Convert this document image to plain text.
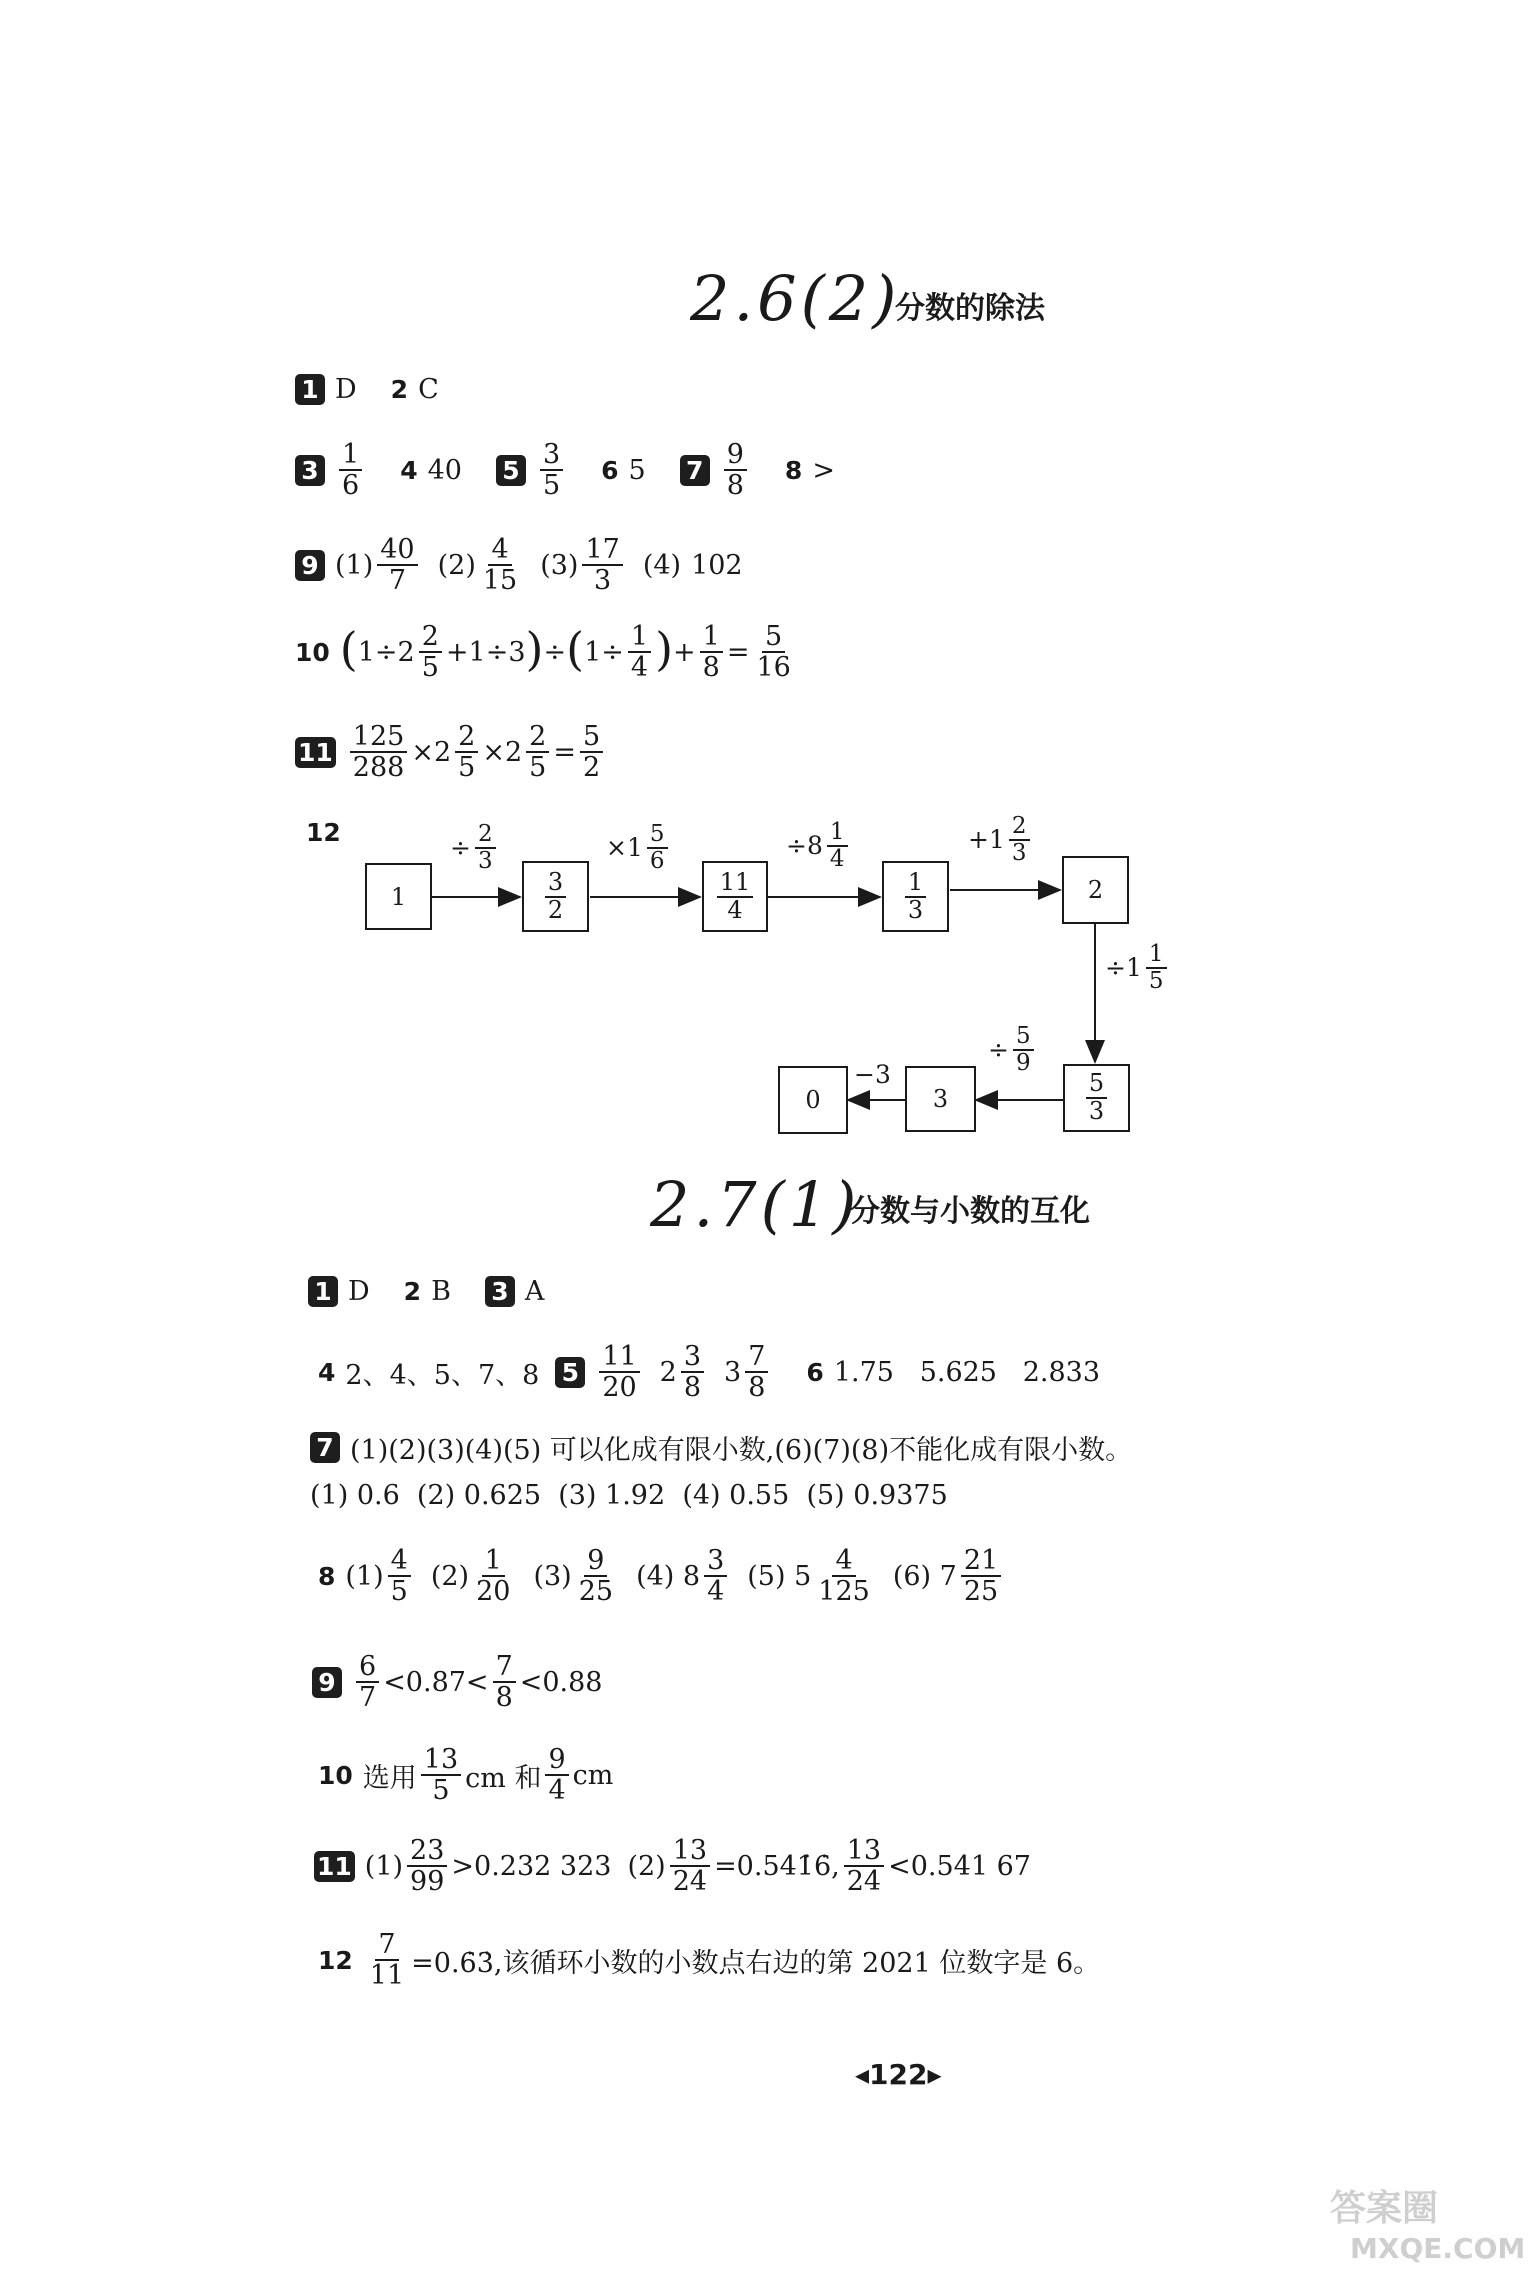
2.6(2)
分数的除法
1 D 2 C
$3 \frac{1}{6} 4$ 40 $5 \frac{3}{5} 6$ 5 $7 \frac{9}{8} 8$ >
9 $(1) \frac{40}{7} (2) \frac{4}{15} (3) \frac{17}{3} (4)$ 102
10 ( $1\div 2 \frac{2}{5} +1\div 3$ ) ÷ ( $1\div \frac{1}{4}$ ) + $\frac{1}{8} = \frac{5}{16}$
$11 \frac{125}{288} \times 2 \frac{2}{5} \times 2 \frac{2}{5} = \frac{5}{2}$
12
1	$\frac{3}{2}$	$\frac{11}{4}$	$\frac{1}{3}$	2
$\frac{5}{3}$
3
0
÷ $\frac{2}{3}$	$\times 1 \frac{5}{6}$	$\div 8 \frac{1}{4}$	$+1 \frac{2}{3}$
$\div 1 \frac{1}{5}$
÷ $\frac{5}{9}$
−3
2.7(1)
分数与小数的互化
1 D 2 B 3 A
4 2、4、5、7、8 $5 \frac{11}{20} 2 \frac{3}{8} 3 \frac{7}{8} 6$ 1.75   5.625   2.833
7 (1)(2)(3)(4)(5) 可以化成有限小数,(6)(7)(8)不能化成有限小数。
(1) 0.6  (2) 0.625  (3) 1.92  (4) 0.55  (5) 0.9375
8 $(1) \frac{4}{5} (2) \frac{1}{20} (3) \frac{9}{25} (4)$ $8 \frac{3}{4} (5)$ $5 \frac{4}{125} (6)$ $7 \frac{21}{25}$
$9 \frac{6}{7} <0.87< \frac{7}{8} <0.88$
10 选用 $\frac{13}{5}$ cm 和 $\frac{9}{4}$ cm
11 $(1) \frac{23}{99} >0.232$ 323 $(2) \frac{13}{24}$ =0.541̇6̇, $\frac{13}{24} <0.541$ 67
$12 \frac{7}{11}$ =0.6̇3̇,该循环小数的小数点右边的第 2021 位数字是 6。
◂122▸
答案圈
MXQE.COM
